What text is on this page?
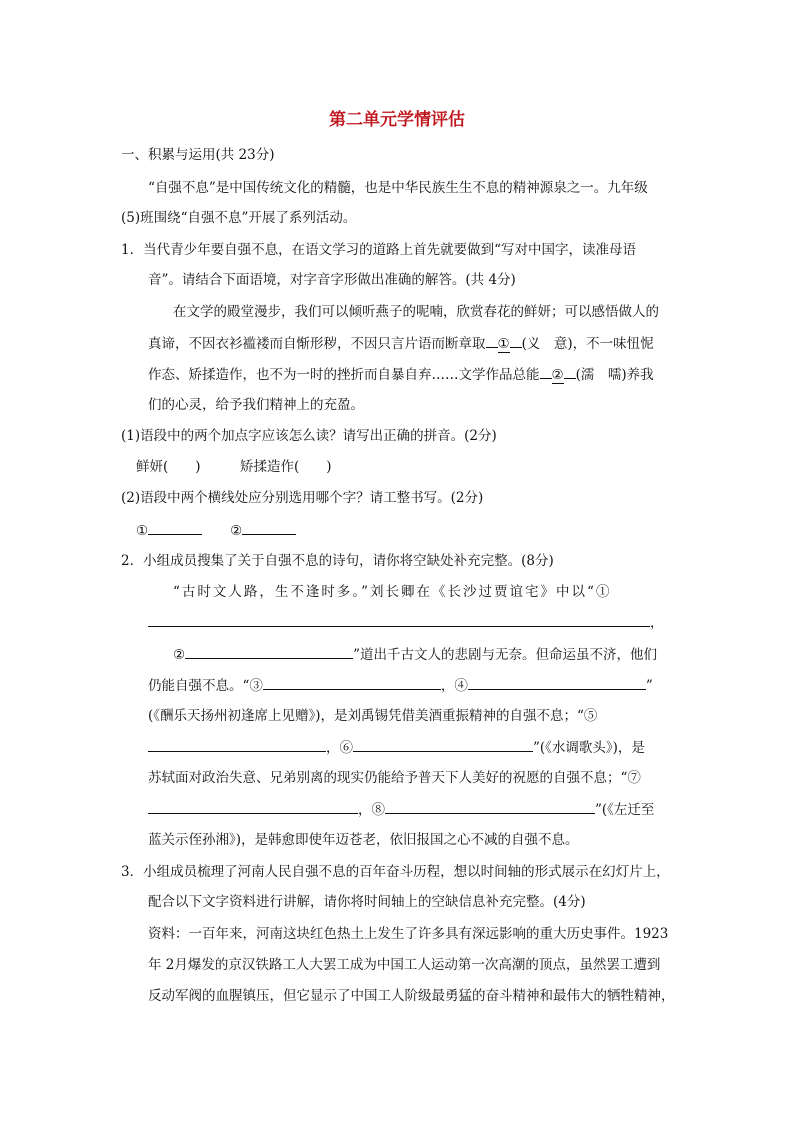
第二单元学情评估
一、积累与运用(共 23分)
“自强不息”是中国传统文化的精髓，也是中华民族生生不息的精神源泉之一。九年级
(5)班围绕“自强不息”开展了系列活动。
1．当代青少年要自强不息，在语文学习的道路上首先就要做到“写对中国字，读准母语
音”。请结合下面语境，对字音字形做出准确的解答。(共 4分)
在文学的殿堂漫步，我们可以倾听燕子的呢喃，欣赏春花的鲜妍；可以感悟做人的
真谛，不因衣衫褴褛而自惭形秽，不因只言片语而断章取 ① (义　意)，不一味忸怩
作态、矫揉造作，也不为一时的挫折而自暴自弃……文学作品总能 ② (濡　嚅)养我
们的心灵，给予我们精神上的充盈。
(1)语段中的两个加点字应该怎么读？请写出正确的拼音。(2分)
鲜妍(　　)	矫揉造作(　　)
(2)语段中两个横线处应分别选用哪个字？请工整书写。(2分)
①	②
2．小组成员搜集了关于自强不息的诗句，请你将空缺处补充完整。(8分)
“古时文人路，生不逢时多。”刘长卿在《长沙过贾谊宅》中以“①
，
②	”道出千古文人的悲剧与无奈。但命运虽不济，他们
仍能自强不息。“③	，④	”
(《酬乐天扬州初逢席上见赠》)，是刘禹锡凭借美酒重振精神的自强不息；“⑤
，⑥	”(《水调歌头》)，是
苏轼面对政治失意、兄弟别离的现实仍能给予普天下人美好的祝愿的自强不息；“⑦
，⑧	”(《左迁至
蓝关示侄孙湘》)，是韩愈即使年迈苍老，依旧报国之心不减的自强不息。
3．小组成员梳理了河南人民自强不息的百年奋斗历程，想以时间轴的形式展示在幻灯片上，
配合以下文字资料进行讲解，请你将时间轴上的空缺信息补充完整。(4分)
资料：一百年来，河南这块红色热土上发生了许多具有深远影响的重大历史事件。1923
年 2月爆发的京汉铁路工人大罢工成为中国工人运动第一次高潮的顶点，虽然罢工遭到
反动军阀的血腥镇压，但它显示了中国工人阶级最勇猛的奋斗精神和最伟大的牺牲精神，
